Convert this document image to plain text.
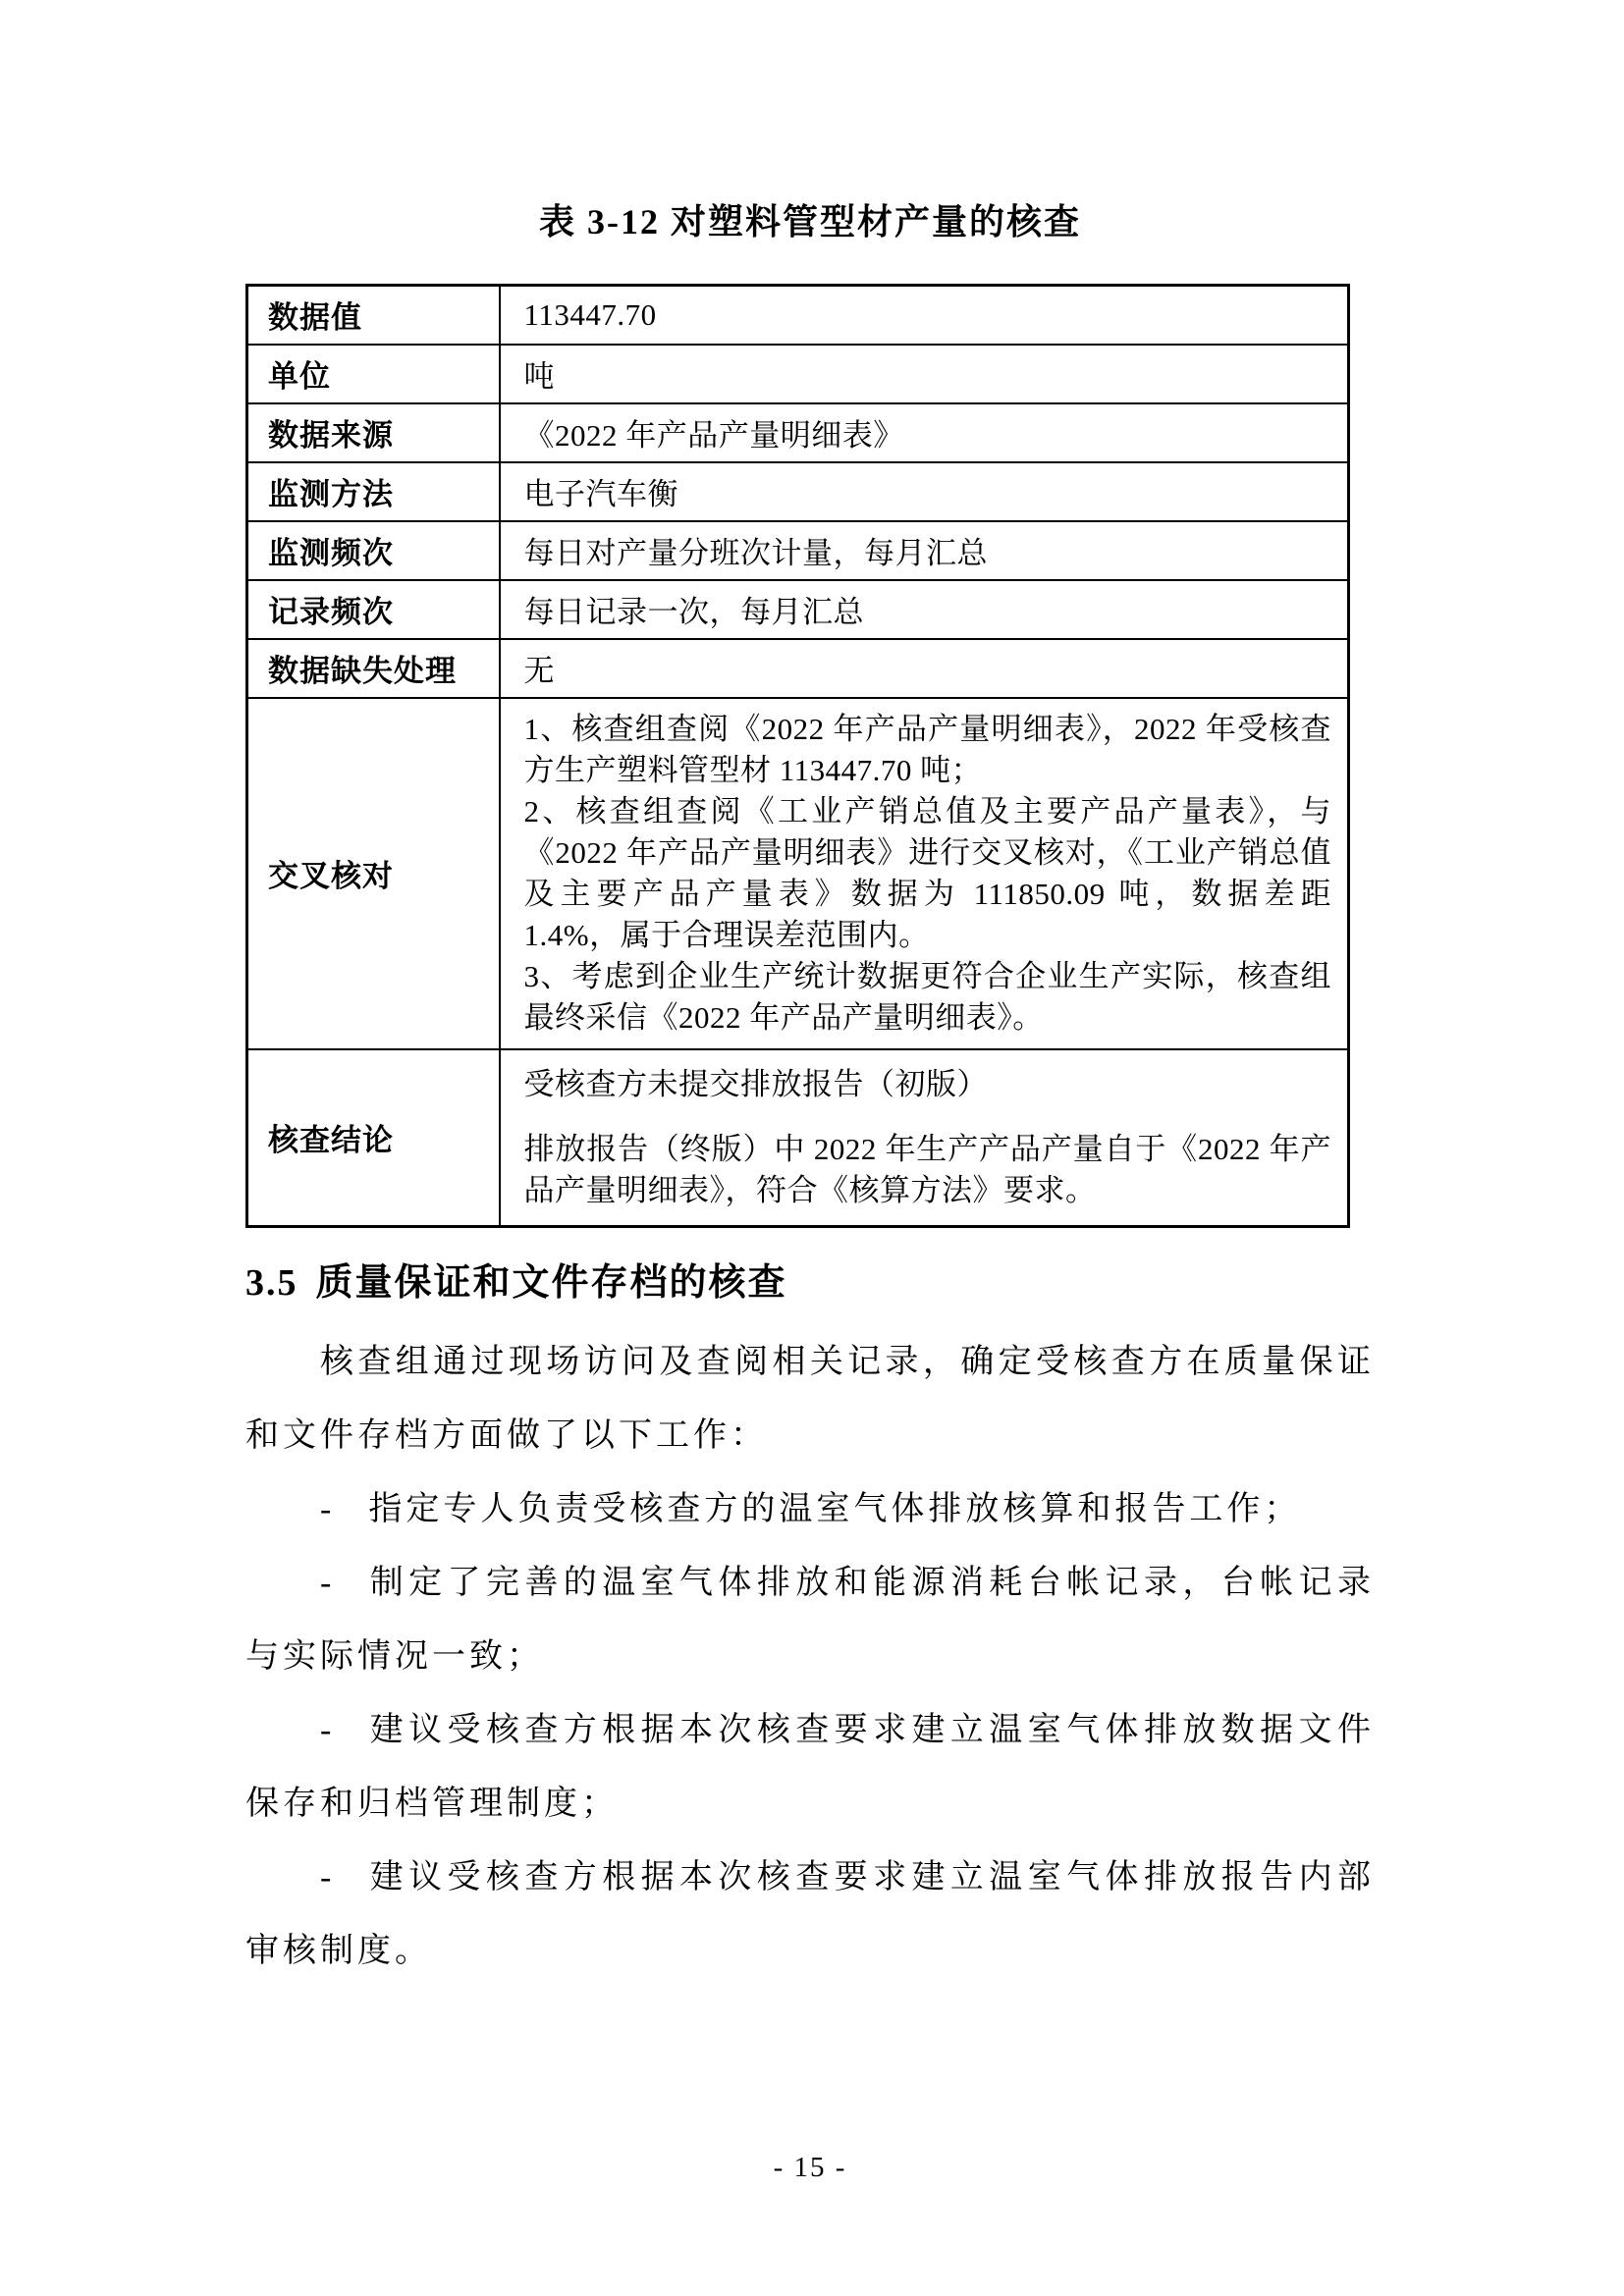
表 3-12 对塑料管型材产量的核查
数据值	113447.70
单位	吨
数据来源	《2022 年产品产量明细表》
监测方法	电子汽车衡
监测频次	每日对产量分班次计量，每月汇总
记录频次	每日记录一次，每月汇总
数据缺失处理	无
交叉核对	1、核查组查阅《2022 年产品产量明细表》，2022 年受核查方生产塑料管型材 113447.70 吨；

2、核查组查阅《工业产销总值及主要产品产量表》，与《2022 年产品产量明细表》进行交叉核对，《工业产销总值及主要产品产量表》数据为 111850.09 吨，数据差距 1.4%，属于合理误差范围内。

3、考虑到企业生产统计数据更符合企业生产实际，核查组最终采信《2022 年产品产量明细表》。

核查结论	受核查方未提交排放报告（初版）

排放报告（终版）中 2022 年生产产品产量自于《2022 年产品产量明细表》，符合《核算方法》要求。

3.5 质量保证和文件存档的核查

核查组通过现场访问及查阅相关记录，确定受核查方在质量保证和文件存档方面做了以下工作：

- 指定专人负责受核查方的温室气体排放核算和报告工作；

- 制定了完善的温室气体排放和能源消耗台帐记录，台帐记录与实际情况一致；

- 建议受核查方根据本次核查要求建立温室气体排放数据文件保存和归档管理制度；

- 建议受核查方根据本次核查要求建立温室气体排放报告内部审核制度。

- 15 -
